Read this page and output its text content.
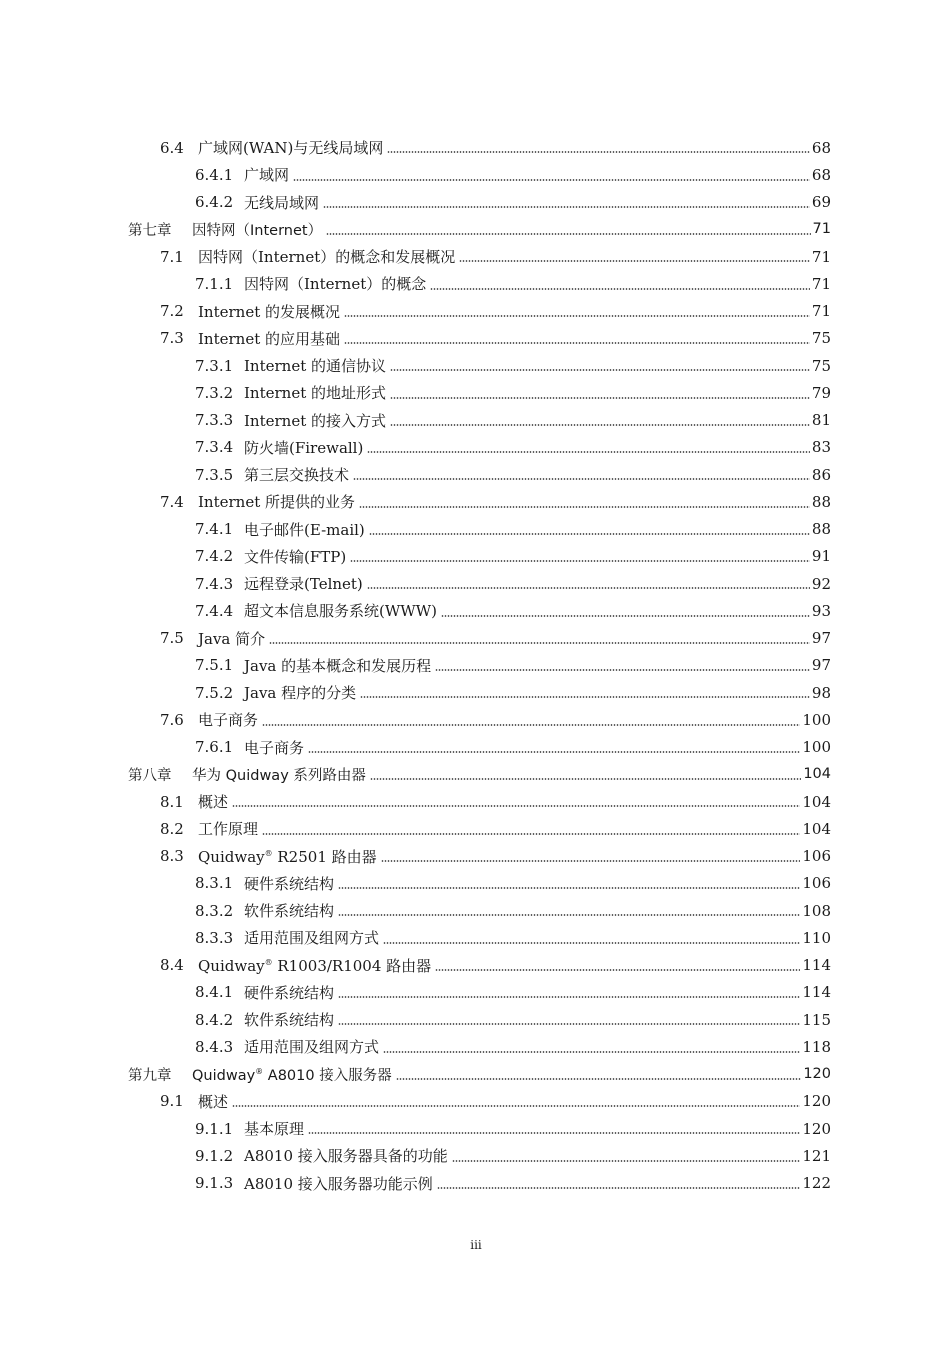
6.4 广域网(WAN)与无线局域网	68
6.4.1 广域网	68
6.4.2 无线局域网	69
第七章	因特网（Internet）	71
7.1 因特网（Internet）的概念和发展概况	71
7.1.1 因特网（Internet）的概念	71
7.2 Internet 的发展概况	71
7.3 Internet 的应用基础	75
7.3.1 Internet 的通信协议	75
7.3.2 Internet 的地址形式	79
7.3.3 Internet 的接入方式	81
7.3.4 防火墙(Firewall)	83
7.3.5 第三层交换技术	86
7.4 Internet 所提供的业务	88
7.4.1 电子邮件(E-mail)	88
7.4.2 文件传输(FTP)	91
7.4.3 远程登录(Telnet)	92
7.4.4 超文本信息服务系统(WWW)	93
7.5 Java 简介	97
7.5.1 Java 的基本概念和发展历程	97
7.5.2 Java 程序的分类	98
7.6 电子商务	100
7.6.1 电子商务	100
第八章	华为 Quidway 系列路由器	104
8.1 概述	104
8.2 工作原理	104
8.3 Quidway® R2501 路由器	106
8.3.1 硬件系统结构	106
8.3.2 软件系统结构	108
8.3.3 适用范围及组网方式	110
8.4 Quidway® R1003/R1004 路由器	114
8.4.1 硬件系统结构	114
8.4.2 软件系统结构	115
8.4.3 适用范围及组网方式	118
第九章	Quidway® A8010 接入服务器	120
9.1 概述	120
9.1.1 基本原理	120
9.1.2 A8010 接入服务器具备的功能	121
9.1.3 A8010 接入服务器功能示例	122
iii
